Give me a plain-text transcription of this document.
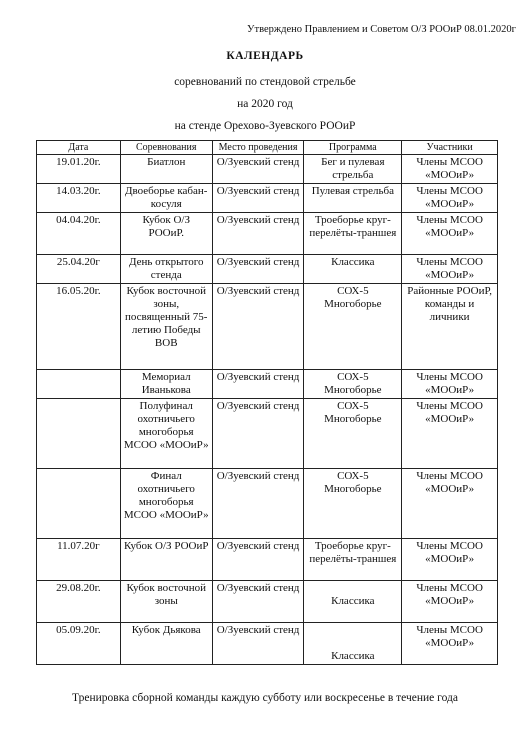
Утверждено Правлением и Советом О/З РООиР 08.01.2020г
КАЛЕНДАРЬ
соревнований по стендовой стрельбе
на 2020 год
на стенде Орехово-Зуевского РООиР
Дата	Соревнования	Место проведения	Программа	Участники
19.01.20г.	Биатлон	О/Зуевский стенд	Бег и пулевая стрельба	Члены МСОО «МООиР»
14.03.20г.	Двоеборье кабан-косуля	О/Зуевский стенд	Пулевая стрельба	Члены МСОО «МООиР»
04.04.20г.	Кубок О/З РООиР.	О/Зуевский стенд	Троеборье круг-перелёты-траншея	Члены МСОО «МООиР»
25.04.20г	День открытого стенда	О/Зуевский стенд	Классика	Члены МСОО «МООиР»
16.05.20г.	Кубок восточной зоны, посвященный 75-летию Победы ВОВ	О/Зуевский стенд	СОХ-5 Многоборье	Районные РООиР, команды и личники
	Мемориал Иванькова	О/Зуевский стенд	СОХ-5 Многоборье	Члены МСОО «МООиР»
	Полуфинал охотничьего многоборья МСОО «МООиР»	О/Зуевский стенд	СОХ-5 Многоборье	Члены МСОО «МООиР»
	Финал охотничьего многоборья МСОО «МООиР»	О/Зуевский стенд	СОХ-5 Многоборье	Члены МСОО «МООиР»
11.07.20г	Кубок О/З РООиР	О/Зуевский стенд	Троеборье круг-перелёты-траншея	Члены МСОО «МООиР»
29.08.20г.	Кубок восточной зоны	О/Зуевский стенд	Классика	Члены МСОО «МООиР»
05.09.20г.	Кубок Дьякова	О/Зуевский стенд	Классика	Члены МСОО «МООиР»
Тренировка сборной команды каждую субботу или воскресенье в течение года
